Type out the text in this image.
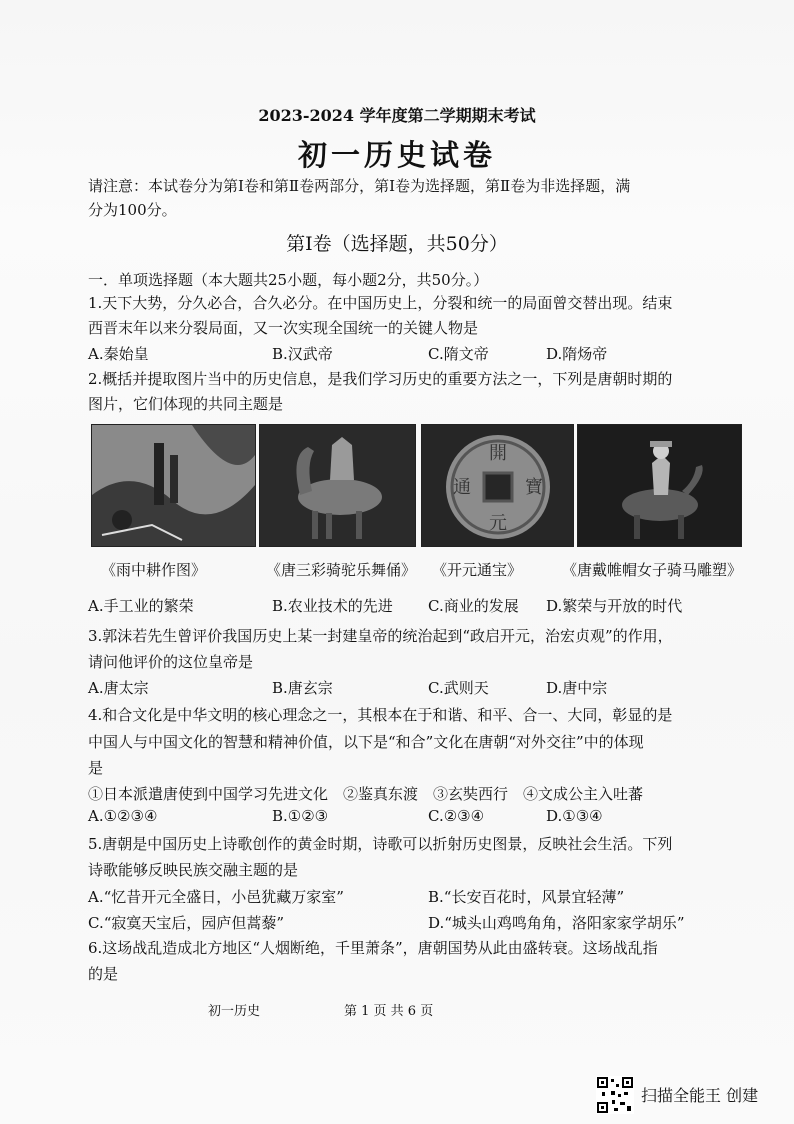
2023-2024 学年度第二学期期末考试
初一历史试卷
请注意：本试卷分为第Ⅰ卷和第Ⅱ卷两部分，第Ⅰ卷为选择题，第Ⅱ卷为非选择题，满
分为100分。
第Ⅰ卷（选择题，共50分）
一．单项选择题（本大题共25小题，每小题2分，共50分。）
1.天下大势，分久必合，合久必分。在中国历史上，分裂和统一的局面曾交替出现。结束
西晋末年以来分裂局面，又一次实现全国统一的关键人物是
A.秦始皇	B.汉武帝	C.隋文帝	D.隋炀帝
2.概括并提取图片当中的历史信息，是我们学习历史的重要方法之一，下列是唐朝时期的
图片，它们体现的共同主题是
開
元
寶
通
《雨中耕作图》	《唐三彩骑驼乐舞俑》 《开元通宝》	《唐戴帷帽女子骑马雕塑》
A.手工业的繁荣	B.农业技术的先进 C.商业的发展 D.繁荣与开放的时代
3.郭沫若先生曾评价我国历史上某一封建皇帝的统治起到“政启开元，治宏贞观”的作用，
请问他评价的这位皇帝是
A.唐太宗	B.唐玄宗	C.武则天	D.唐中宗
4.和合文化是中华文明的核心理念之一，其根本在于和谐、和平、合一、大同，彰显的是
中国人与中国文化的智慧和精神价值，以下是“和合”文化在唐朝“对外交往”中的体现
是
①日本派遣唐使到中国学习先进文化　②鉴真东渡　③玄奘西行　④文成公主入吐蕃
A.①②③④	B.①②③	C.②③④	D.①③④
5.唐朝是中国历史上诗歌创作的黄金时期，诗歌可以折射历史图景，反映社会生活。下列
诗歌能够反映民族交融主题的是
A.“忆昔开元全盛日，小邑犹藏万家室”	B.“长安百花时，风景宜轻薄”
C.“寂寞天宝后，园庐但蒿藜”	D.“城头山鸡鸣角角，洛阳家家学胡乐”
6.这场战乱造成北方地区“人烟断绝，千里萧条”，唐朝国势从此由盛转衰。这场战乱指
的是
初一历史	第 1 页 共 6 页
扫描全能王 创建
